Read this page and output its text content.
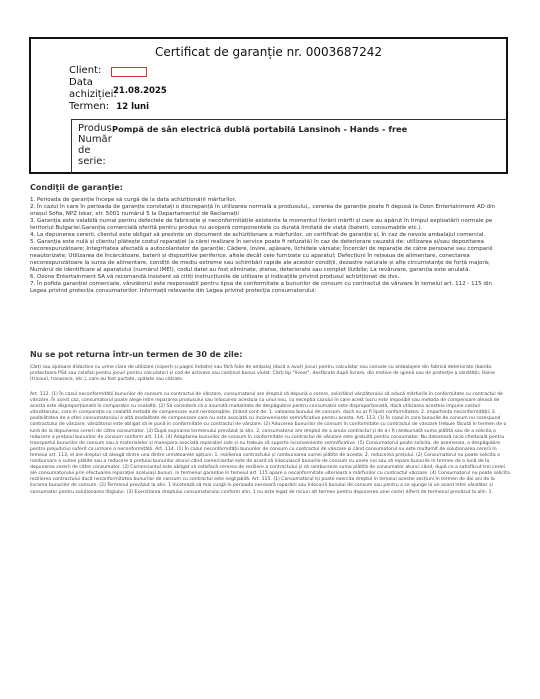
Certificat de garanție nr. 0003687242
Client:
Data
achiziției:
21.08.2025
Termen: 12 luni
Produs:
Număr
de
serie:
Pompă de sân electrică dublă portabilă Lansinoh - Hands - free

Condiții de garanție:

1. Perioada de garanție începe să curgă de la data achiziționării mărfurilor.

2. În cazul în care în perioada de garanție constatați o discrepanță în utilizarea normală a produsului,, cererea de garanție poate fi depusă la Ozon Entertainment AD din orașul Sofia, NPZ Iskar, str. 5001 numărul 5 la Departamentul de Reclamații

3. Garanția este valabilă numai pentru defectele de fabricație și neconformitățile existente la momentul livrării mărfii și care au apărut în timpul exploatării normale pe teritoriul Bulgariei.Garanția comercială oferită pentru produs nu acoperă componentele cu durată limitată de viață (baterii, consumabile etc.).

4. La depunerea cererii, clientul este obligat să prezinte un document de achiziționare a mărfurilor, un certificat de garanție și, în caz de nevoie ambalajul comercial.

5. Garanția este nulă și clientul plătește costul reparației (a cărei realizare în service poate fi refuzată) în caz de deteriorare cauzată de: utilizarea și/sau depozitarea necorespunzătoare; Integritatea afectată a autocolantelor de garanție; Cădere, lovire, apăsare, lichidele vărsate; Încercări de reparație de către persoane sau companii neautorizate; Utilizarea de încărcătoare, baterii și dispozitive periferice, altele decât cele furnizate cu aparatul; Defecțiuni în rețeaua de alimentare, conectarea necorespunzătoare la sursa de alimentare, condiții de mediu extreme sau schimbări rapide ale acestor condiții, dezastre naturale și alte circumstanțe de forță majoră; Numărul de identificare al aparatului (numărul IMEI), codul datei au fost eliminate, șterse, deteriorate sau complet ilizibile; La revânzare, garanția este anulată.

6. Ozone Entertainment SA vă recomandă insistent să citiți instrucțiunile de utilizare și indicațiile privind produsul achiziționat de dvs..

7. În pofida garanției comerciale, vânzătorul este responsabil pentru lipsa de conformitate a bunurilor de consum cu contractul de vânzare în temeiul art. 112 - 115 din Legea privind protecția consumatorilor. Informații relevante din Legea privind protecția consumatorului:

Nu se pot returna într-un termen de 30 de zile:

Cărți sau ajutoare didactice cu urme clare de utilizare (coperți și pagini îndoite) sau fără folie de ambalaj (dacă a avut) jocuri pentru calculator sau console cu ambalajele din fabrică deteriorate (banda protectoare PS4 sau celofan pentru jocuri pentru calculator) și cod de activare sau conținut bonus violat. Cărți tip "livear", desfăcute după livrare, din motive de igienă sau de protecție a sănătății; Haine (tricouri, hanorace, etc.), care au fost purtate, spălate sau călcate.

Art. 112. (1) În cazul neconformității bunurilor de consum cu contractul de vânzare, consumatorul are dreptul să depună o cerere, solicitând vânzătorului să aducă mărfurile în conformitate cu contractul de vânzare. În acest caz, consumatorul poate alege între repararea produsului sau înlocuirea acestuia cu unul nou, cu excepția cazului în care acest lucru este imposibil sau metoda de compensare aleasă de acesta este disproporționată în comparație cu cealaltă. (2) Să consideră că o anumită modalitate de despăgubire pentru consumator este disproporționată, dacă utilizarea acesteia impune costuri vânzătorului, care în comparație cu cealaltă metodă de compensare sunt nerezonabile, ținând cont de: 1. valoarea bunului de consum, dacă nu ar fi lipsit conformitatea; 2. importanța neconformității; 3. posibilitatea de a oferi consumatorului o altă modalitate de compensare care nu este asociată cu inconveniente semnificative pentru acesta. Art. 113. (1) În cazul în care bunurile de consum nu corespund contractului de vânzare, vânzătorul este obligat să le pună în conformitate cu contractul de vânzare. (2) Aducerea bunurilor de consum în conformitate cu contractul de vânzare trebuie făcută în termen de o lună de la depunerea cererii de către consumator. (3) După expirarea termenului prevăzut la alin. 2, consumatorul are dreptul de a anula contractul și de a-i fi rambursată suma plătită sau de a solicita o reducere a prețului bunurilor de consum conform art. 114. (4) Adaptarea bunurilor de consum în conformitate cu contractul de vânzare este gratuită pentru consumator. Nu datorează niciо cheltuială pentru transportul bunurilor de consum sau a materialelor și manopera asociată reparației sale și nu trebuie să suporte inconveniente semnificative. (5) Consumatorul poate solicita, de asemenea, o despăgubire pentru prejudiciul suferit ca urmare a neconformității. Art. 114. (1) În cazul neconformității bunurilor de consum cu contractul de vânzare și când consumatorul nu este mulțumit de soluționarea cererii în temeiul art. 113, el are dreptul să aleagă dintre una dintre următoarele opțiuni: 1. rezilierea contractului și rambursarea sumei plătite de acesta; 2. reducerea prețului. (2) Consumatorul nu poate solicita o rambursare a sumei plătite sau o reducere a prețului bunurilor atunci când comerciantul este de acord să înlocuiască bunurile de consum cu unele noi sau să repare bunurile în termen de o lună de la depunerea cererii de către consumator. (3) Comerciantul este obligat să satisfacă cererea de reziliere a contractului și să ramburseze suma plătită de consumator atunci când, după ce a satisfăcut trei cereri ale consumatorului prin efectuarea reparației aceluiași bunuri, în termenul garanției în temeiul art. 115 apare o neconformitate ulterioară a mărfurilor cu contractul vânzare. (4) Consumatorul nu poate solicita rezilierea contractului dacă neconformitatea bunurilor de consum cu contractul este neglijabilă. Art. 115. (1) Consumatorul își poate exercita dreptul în temeiul acestei secțiuni în termen de doi ani de la livrarea bunurilor de consum. (2) Termenul prevăzut la alin. 1 încetează să mai curgă în perioada necesară reparării sau înlocuirii bunului de consum sau pentru a se ajunge la un acord între vânzător și consumator pentru soluționarea litigiului. (3) Exercitarea dreptului consumatorului conform alin. 1 nu este legat de niciun alt termen pentru depunerea unei cereri diferit de termenul prevăzut la alin. 1.
